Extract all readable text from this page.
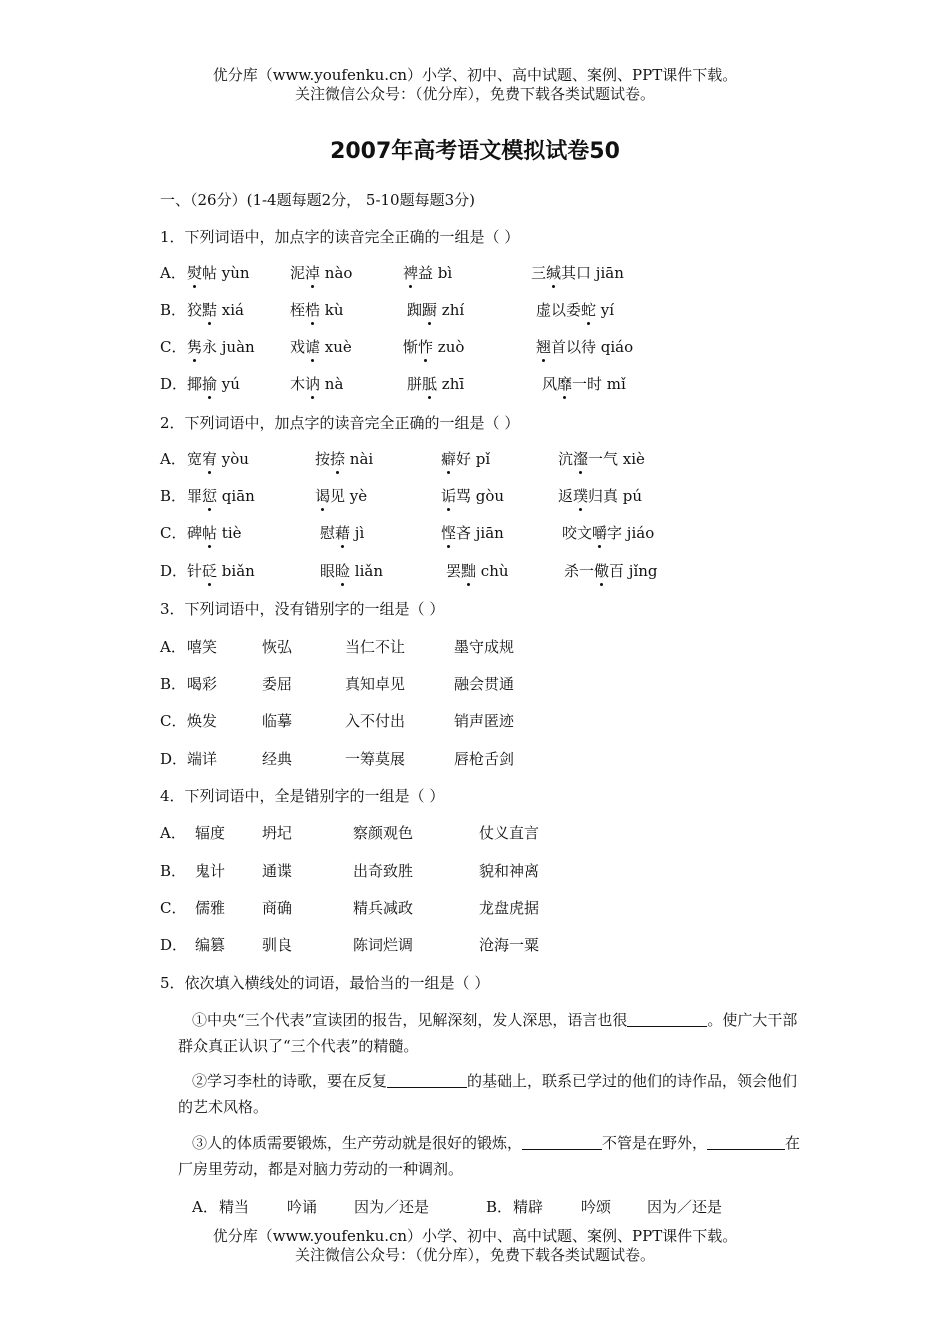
优分库（www.youfenku.cn）小学、初中、高中试题、案例、PPT课件下载。
关注微信公众号：（优分库），免费下载各类试题试卷。
2007年高考语文模拟试卷50
一、（26分）(1-4题每题2分， 5-10题每题3分)
1．下列词语中，加点字的读音完全正确的一组是（ ）
A． 熨帖 yùn	泥淖 nào	裨益 bì	三缄其口 jiān
B． 狡黠 xiá	桎梏 kù	踟蹰 zhí	虚以委蛇 yí
C． 隽永 juàn 戏谑 xuè	惭怍 zuò	翘首以待 qiáo
D． 揶揄 yú	木讷 nà	胼胝 zhī	风靡一时 mǐ
2．下列词语中，加点字的读音完全正确的一组是（ ）
A． 宽宥 yòu	按捺 nài	癖好 pǐ	沆瀣一气 xiè
B． 罪愆 qiān	谒见 yè	诟骂 gòu	返璞归真 pú
C． 碑帖 tiè	慰藉 jì	悭吝 jiān	咬文嚼字 jiáo
D． 针砭 biǎn	眼睑 liǎn	罢黜 chù	杀一儆百 jǐng
3．下列词语中，没有错别字的一组是（ ）
A． 嘻笑	恢弘	当仁不让	墨守成规
B． 喝彩	委屈	真知卓见	融会贯通
C． 焕发	临摹	入不付出	销声匿迹
D． 端详	经典	一筹莫展	唇枪舌剑
4．下列词语中，全是错别字的一组是（ ）
A． 辐度 坍圮	察颜观色	仗义直言
B． 鬼计 通谍	出奇致胜	貌和神离
C． 儒雅 商确	精兵减政	龙盘虎据
D． 编篡 驯良	陈词烂调	沧海一粟
5．依次填入横线处的词语，最恰当的一组是（ ）
①中央“三个代表”宣读团的报告，见解深刻，发人深思，语言也很	。使广大干部群众真正认识了“三个代表”的精髓。
②学习李杜的诗歌，要在反复	的基础上，联系已学过的他们的诗作品，领会他们的艺术风格。
③人的体质需要锻炼，生产劳动就是很好的锻炼，	不管是在野外，	在厂房里劳动，都是对脑力劳动的一种调剂。
A． 精当	吟诵 因为／还是	B． 精辟	吟颂 因为／还是
优分库（www.youfenku.cn）小学、初中、高中试题、案例、PPT课件下载。
关注微信公众号：（优分库），免费下载各类试题试卷。
